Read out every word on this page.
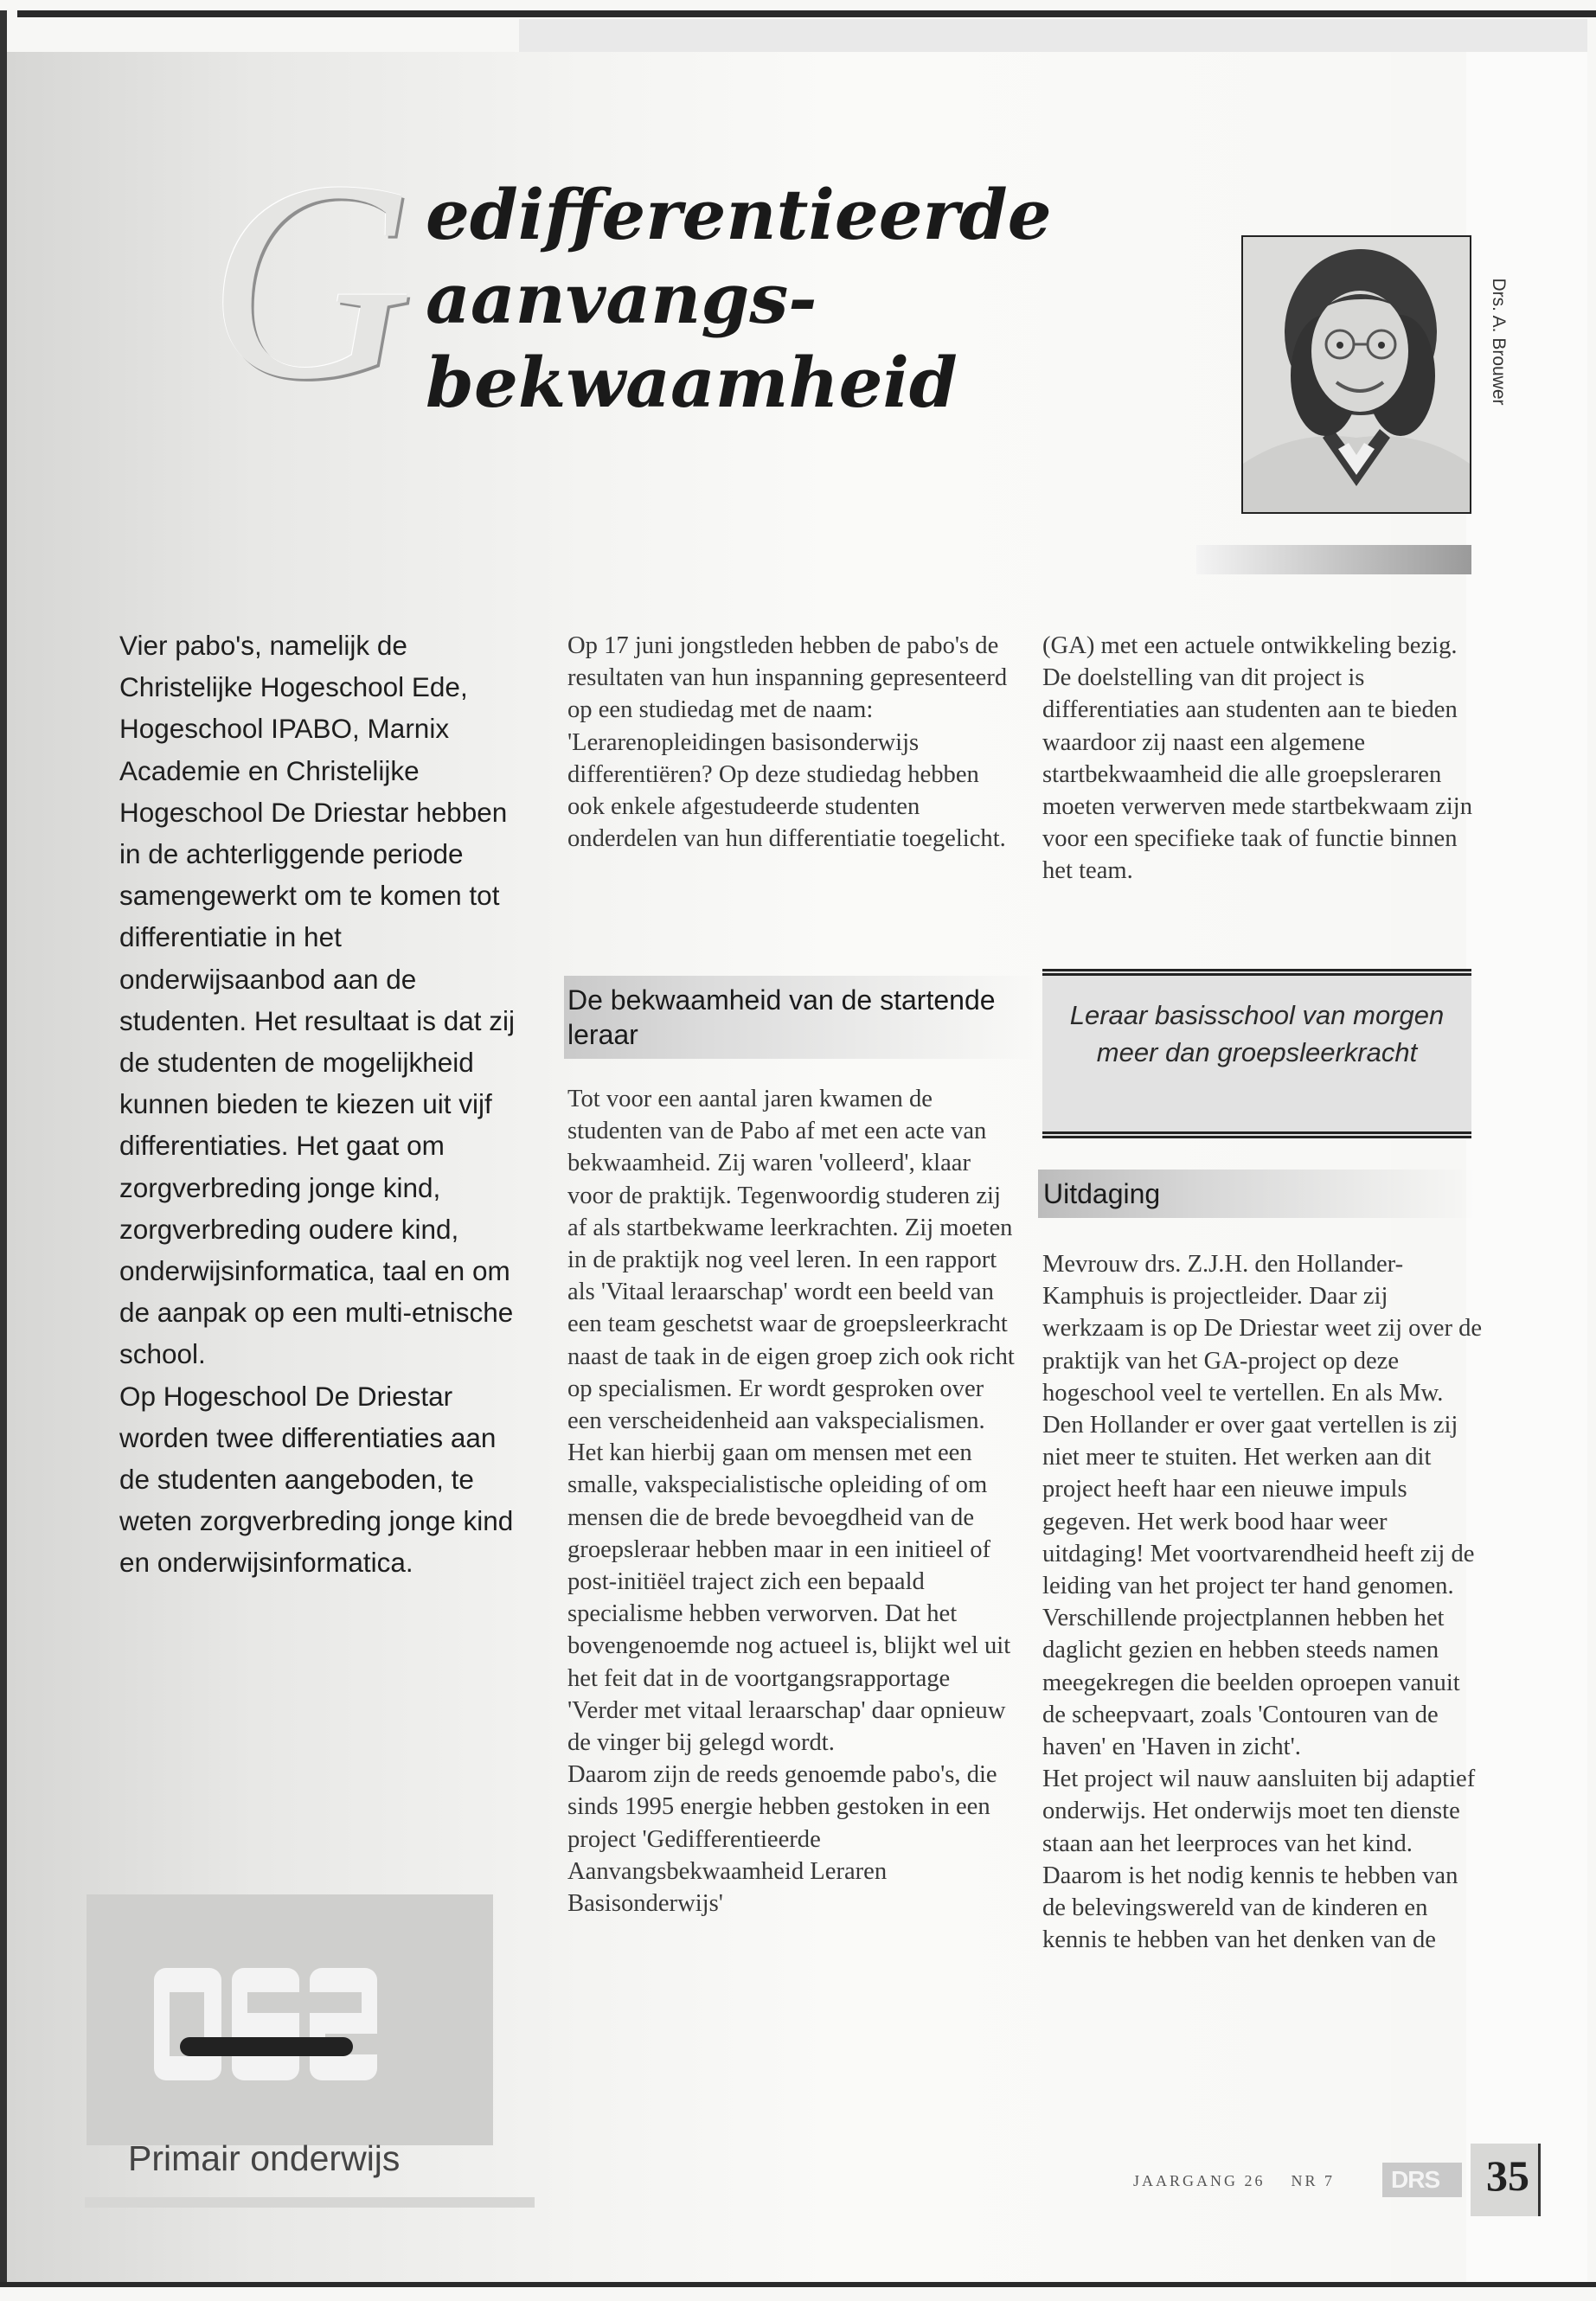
G edifferentieerde
aanvangs-
bekwaamheid	Drs. A. Brouwer
Vier pabo's, namelijk de Christelijke Hogeschool Ede, Hogeschool IPABO, Marnix Academie en Christelijke Hogeschool De Driestar hebben in de achterliggende periode samengewerkt om te komen tot differentiatie in het onderwijsaanbod aan de studenten. Het resultaat is dat zij de studenten de mogelijkheid kunnen bieden te kiezen uit vijf differentiaties. Het gaat om zorgverbreding jonge kind, zorgverbreding oudere kind, onderwijsinformatica, taal en om de aanpak op een multi-etnische school.
Op Hogeschool De Driestar worden twee differentiaties aan de studenten aangeboden, te weten zorgverbreding jonge kind en onderwijsinformatica.

Op 17 juni jongstleden hebben de pabo's de resultaten van hun inspanning gepresenteerd op een studiedag met de naam: 'Lerarenopleidingen basisonderwijs differentiëren? Op deze studiedag hebben ook enkele afgestudeerde studenten onderdelen van hun differentiatie toegelicht.

De bekwaamheid van de startende leraar

Tot voor een aantal jaren kwamen de studenten van de Pabo af met een acte van bekwaamheid. Zij waren 'volleerd', klaar voor de praktijk. Tegenwoordig studeren zij af als startbekwame leerkrachten. Zij moeten in de praktijk nog veel leren. In een rapport als 'Vitaal leraarschap' wordt een beeld van een team geschetst waar de groepsleerkracht naast de taak in de eigen groep zich ook richt op specialismen. Er wordt gesproken over een verscheidenheid aan vakspecialismen. Het kan hierbij gaan om mensen met een smalle, vakspecialistische opleiding of om mensen die de brede bevoegdheid van de groepsleraar hebben maar in een initieel of post-initiëel traject zich een bepaald specialisme hebben verworven. Dat het bovengenoemde nog actueel is, blijkt wel uit het feit dat in de voortgangsrapportage 'Verder met vitaal leraarschap' daar opnieuw de vinger bij gelegd wordt.

Daarom zijn de reeds genoemde pabo's, die sinds 1995 energie hebben gestoken in een project 'Gedifferentieerde Aanvangsbekwaamheid Leraren Basisonderwijs'

(GA) met een actuele ontwikkeling bezig. De doelstelling van dit project is differentiaties aan studenten aan te bieden waardoor zij naast een algemene startbekwaamheid die alle groepsleraren moeten verwerven mede startbekwaam zijn voor een specifieke taak of functie binnen het team.

Leraar basisschool van morgen meer dan groepsleerkracht
Uitdaging

Mevrouw drs. Z.J.H. den Hollander-Kamphuis is projectleider. Daar zij werkzaam is op De Driestar weet zij over de praktijk van het GA-project op deze hogeschool veel te vertellen. En als Mw. Den Hollander er over gaat vertellen is zij niet meer te stuiten. Het werken aan dit project heeft haar een nieuwe impuls gegeven. Het werk bood haar weer uitdaging! Met voortvarendheid heeft zij de leiding van het project ter hand genomen. Verschillende projectplannen hebben het daglicht gezien en hebben steeds namen meegekregen die beelden oproepen vanuit de scheepvaart, zoals 'Contouren van de haven' en 'Haven in zicht'.

Het project wil nauw aansluiten bij adaptief onderwijs. Het onderwijs moet ten dienste staan aan het leerproces van het kind. Daarom is het nodig kennis te hebben van de belevingswereld van de kinderen en kennis te hebben van het denken van de

Primair onderwijs
JAARGANG 26 NR 7 DRS 35
